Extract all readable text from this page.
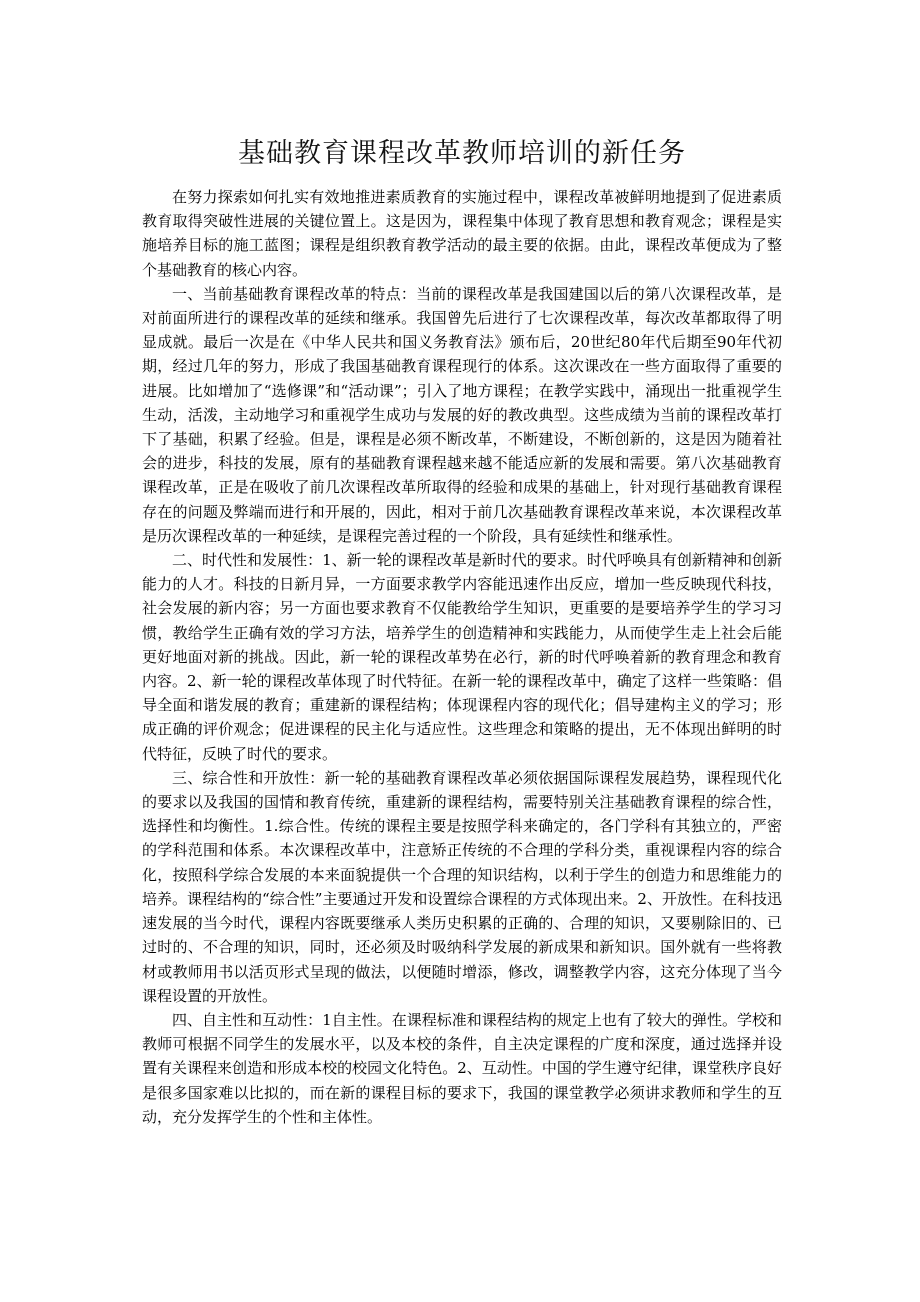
基础教育课程改革教师培训的新任务

在努力探索如何扎实有效地推进素质教育的实施过程中，课程改革被鲜明地提到了促进素质教育取得突破性进展的关键位置上。这是因为，课程集中体现了教育思想和教育观念；课程是实施培养目标的施工蓝图；课程是组织教育教学活动的最主要的依据。由此，课程改革便成为了整个基础教育的核心内容。

一、当前基础教育课程改革的特点：当前的课程改革是我国建国以后的第八次课程改革，是对前面所进行的课程改革的延续和继承。我国曾先后进行了七次课程改革，每次改革都取得了明显成就。最后一次是在《中华人民共和国义务教育法》颁布后，20世纪80年代后期至90年代初期，经过几年的努力，形成了我国基础教育课程现行的体系。这次课改在一些方面取得了重要的进展。比如增加了“选修课”和“活动课”；引入了地方课程；在教学实践中，涌现出一批重视学生生动，活泼，主动地学习和重视学生成功与发展的好的教改典型。这些成绩为当前的课程改革打下了基础，积累了经验。但是，课程是必须不断改革，不断建设，不断创新的，这是因为随着社会的进步，科技的发展，原有的基础教育课程越来越不能适应新的发展和需要。第八次基础教育课程改革，正是在吸收了前几次课程改革所取得的经验和成果的基础上，针对现行基础教育课程存在的问题及弊端而进行和开展的，因此，相对于前几次基础教育课程改革来说，本次课程改革是历次课程改革的一种延续，是课程完善过程的一个阶段，具有延续性和继承性。

二、时代性和发展性：1、新一轮的课程改革是新时代的要求。时代呼唤具有创新精神和创新能力的人才。科技的日新月异，一方面要求教学内容能迅速作出反应，增加一些反映现代科技，社会发展的新内容；另一方面也要求教育不仅能教给学生知识，更重要的是要培养学生的学习习惯，教给学生正确有效的学习方法，培养学生的创造精神和实践能力，从而使学生走上社会后能更好地面对新的挑战。因此，新一轮的课程改革势在必行，新的时代呼唤着新的教育理念和教育内容。2、新一轮的课程改革体现了时代特征。在新一轮的课程改革中，确定了这样一些策略：倡导全面和谐发展的教育；重建新的课程结构；体现课程内容的现代化；倡导建构主义的学习；形成正确的评价观念；促进课程的民主化与适应性。这些理念和策略的提出，无不体现出鲜明的时代特征，反映了时代的要求。

三、综合性和开放性：新一轮的基础教育课程改革必须依据国际课程发展趋势，课程现代化的要求以及我国的国情和教育传统，重建新的课程结构，需要特别关注基础教育课程的综合性，选择性和均衡性。1.综合性。传统的课程主要是按照学科来确定的，各门学科有其独立的，严密的学科范围和体系。本次课程改革中，注意矫正传统的不合理的学科分类，重视课程内容的综合化，按照科学综合发展的本来面貌提供一个合理的知识结构，以利于学生的创造力和思维能力的培养。课程结构的“综合性”主要通过开发和设置综合课程的方式体现出来。2、开放性。在科技迅速发展的当今时代，课程内容既要继承人类历史积累的正确的、合理的知识，又要剔除旧的、已过时的、不合理的知识，同时，还必须及时吸纳科学发展的新成果和新知识。国外就有一些将教材或教师用书以活页形式呈现的做法，以便随时增添，修改，调整教学内容，这充分体现了当今课程设置的开放性。

四、自主性和互动性：1自主性。在课程标准和课程结构的规定上也有了较大的弹性。学校和教师可根据不同学生的发展水平，以及本校的条件，自主决定课程的广度和深度，通过选择并设置有关课程来创造和形成本校的校园文化特色。2、互动性。中国的学生遵守纪律，课堂秩序良好是很多国家难以比拟的，而在新的课程目标的要求下，我国的课堂教学必须讲求教师和学生的互动，充分发挥学生的个性和主体性。
